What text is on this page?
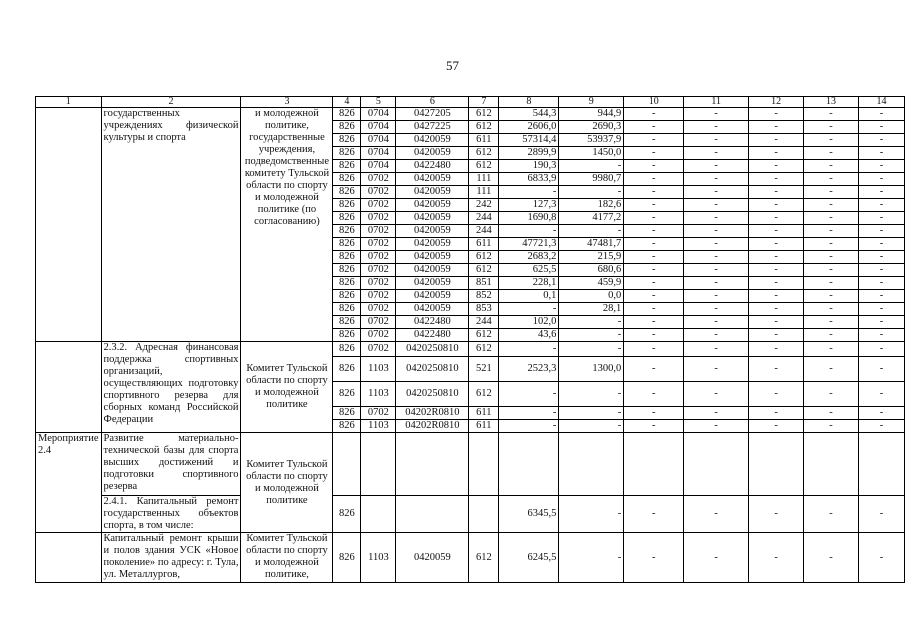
57
1	2	3	4	5	6	7	8	9	10	11	12	13	14
	государственных учреждениях физической культуры и спорта	и молодежной политике, государственные учреждения, подведомственные комитету Тульской области по спорту и молодежной политике (по согласованию)	826	0704	0427205	612	544,3	944,9	-	-	-	-	-
			826	0704	0427225	612	2606,0	2690,3	-	-	-	-	-
			826	0704	0420059	611	57314,4	53937,9	-	-	-	-	-
			826	0704	0420059	612	2899,9	1450,0	-	-	-	-	-
			826	0704	0422480	612	190,3	-	-	-	-	-	-
			826	0702	0420059	111	6833,9	9980,7	-	-	-	-	-
			826	0702	0420059	111	-	-	-	-	-	-	-
			826	0702	0420059	242	127,3	182,6	-	-	-	-	-
			826	0702	0420059	244	1690,8	4177,2	-	-	-	-	-
			826	0702	0420059	244	-	-	-	-	-	-	-
			826	0702	0420059	611	47721,3	47481,7	-	-	-	-	-
			826	0702	0420059	612	2683,2	215,9	-	-	-	-	-
			826	0702	0420059	612	625,5	680,6	-	-	-	-	-
			826	0702	0420059	851	228,1	459,9	-	-	-	-	-
			826	0702	0420059	852	0,1	0,0	-	-	-	-	-
			826	0702	0420059	853	-	28,1	-	-	-	-	-
			826	0702	0422480	244	102,0	-	-	-	-	-	-
			826	0702	0422480	612	43,6	-	-	-	-	-	-
	2.3.2. Адресная финансовая поддержка спортивных организаций, осуществляющих подготовку спортивного резерва для сборных команд Российской Федерации	Комитет Тульской области по спорту и молодежной политике	826	0702	0420250810	612	-	-	-	-	-	-	-
			826	1103	0420250810	521	2523,3	1300,0	-	-	-	-	-
			826	1103	0420250810	612	-	-	-	-	-	-	-
			826	0702	04202R0810	611	-	-	-	-	-	-	-
			826	1103	04202R0810	611	-	-	-	-	-	-	-
Мероприятие 2.4	Развитие материально-технической базы для спорта высших достижений и подготовки спортивного резерва	Комитет Тульской области по спорту и молодежной политике											
	2.4.1. Капитальный ремонт государственных объектов спорта, в том числе:		826				6345,5	-	-	-	-	-	-
	Капитальный ремонт крыши и полов здания УСК «Новое поколение» по адресу: г. Тула, ул. Металлургов,	Комитет Тульской области по спорту и молодежной политике,	826	1103	0420059	612	6245,5	-	-	-	-	-	-
